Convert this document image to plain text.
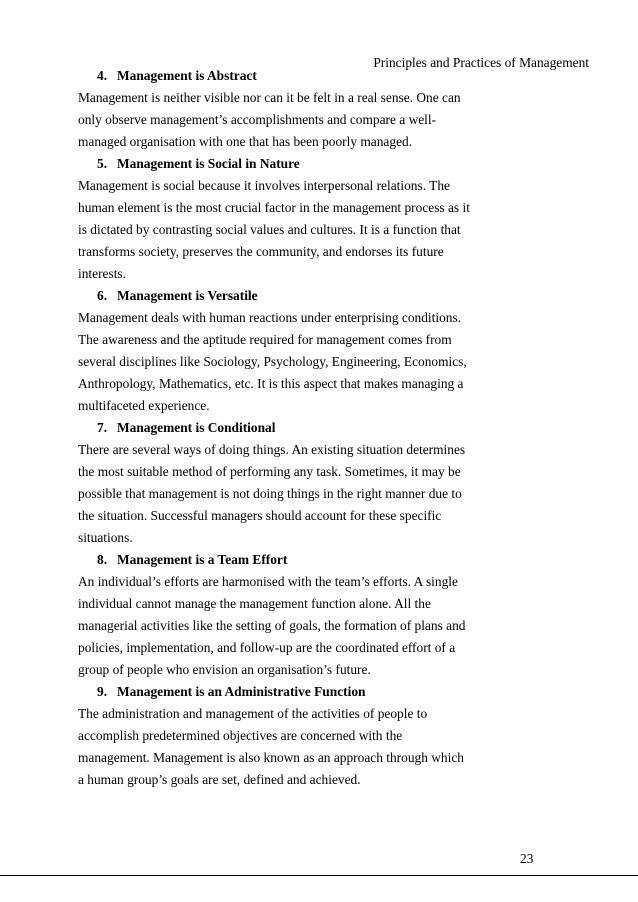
Principles and Practices of Management
4. Management is Abstract

Management is neither visible nor can it be felt in a real sense. One can
only observe management’s accomplishments and compare a well-
managed organisation with one that has been poorly managed.

5. Management is Social in Nature

Management is social because it involves interpersonal relations. The
human element is the most crucial factor in the management process as it
is dictated by contrasting social values and cultures. It is a function that
transforms society, preserves the community, and endorses its future
interests.

6. Management is Versatile

Management deals with human reactions under enterprising conditions.
The awareness and the aptitude required for management comes from
several disciplines like Sociology, Psychology, Engineering, Economics,
Anthropology, Mathematics, etc. It is this aspect that makes managing a
multifaceted experience.

7. Management is Conditional

There are several ways of doing things. An existing situation determines
the most suitable method of performing any task. Sometimes, it may be
possible that management is not doing things in the right manner due to
the situation. Successful managers should account for these specific
situations.

8. Management is a Team Effort

An individual’s efforts are harmonised with the team’s efforts. A single
individual cannot manage the management function alone. All the
managerial activities like the setting of goals, the formation of plans and
policies, implementation, and follow-up are the coordinated effort of a
group of people who envision an organisation’s future.

9. Management is an Administrative Function

The administration and management of the activities of people to
accomplish predetermined objectives are concerned with the
management. Management is also known as an approach through which
a human group’s goals are set, defined and achieved.

23
